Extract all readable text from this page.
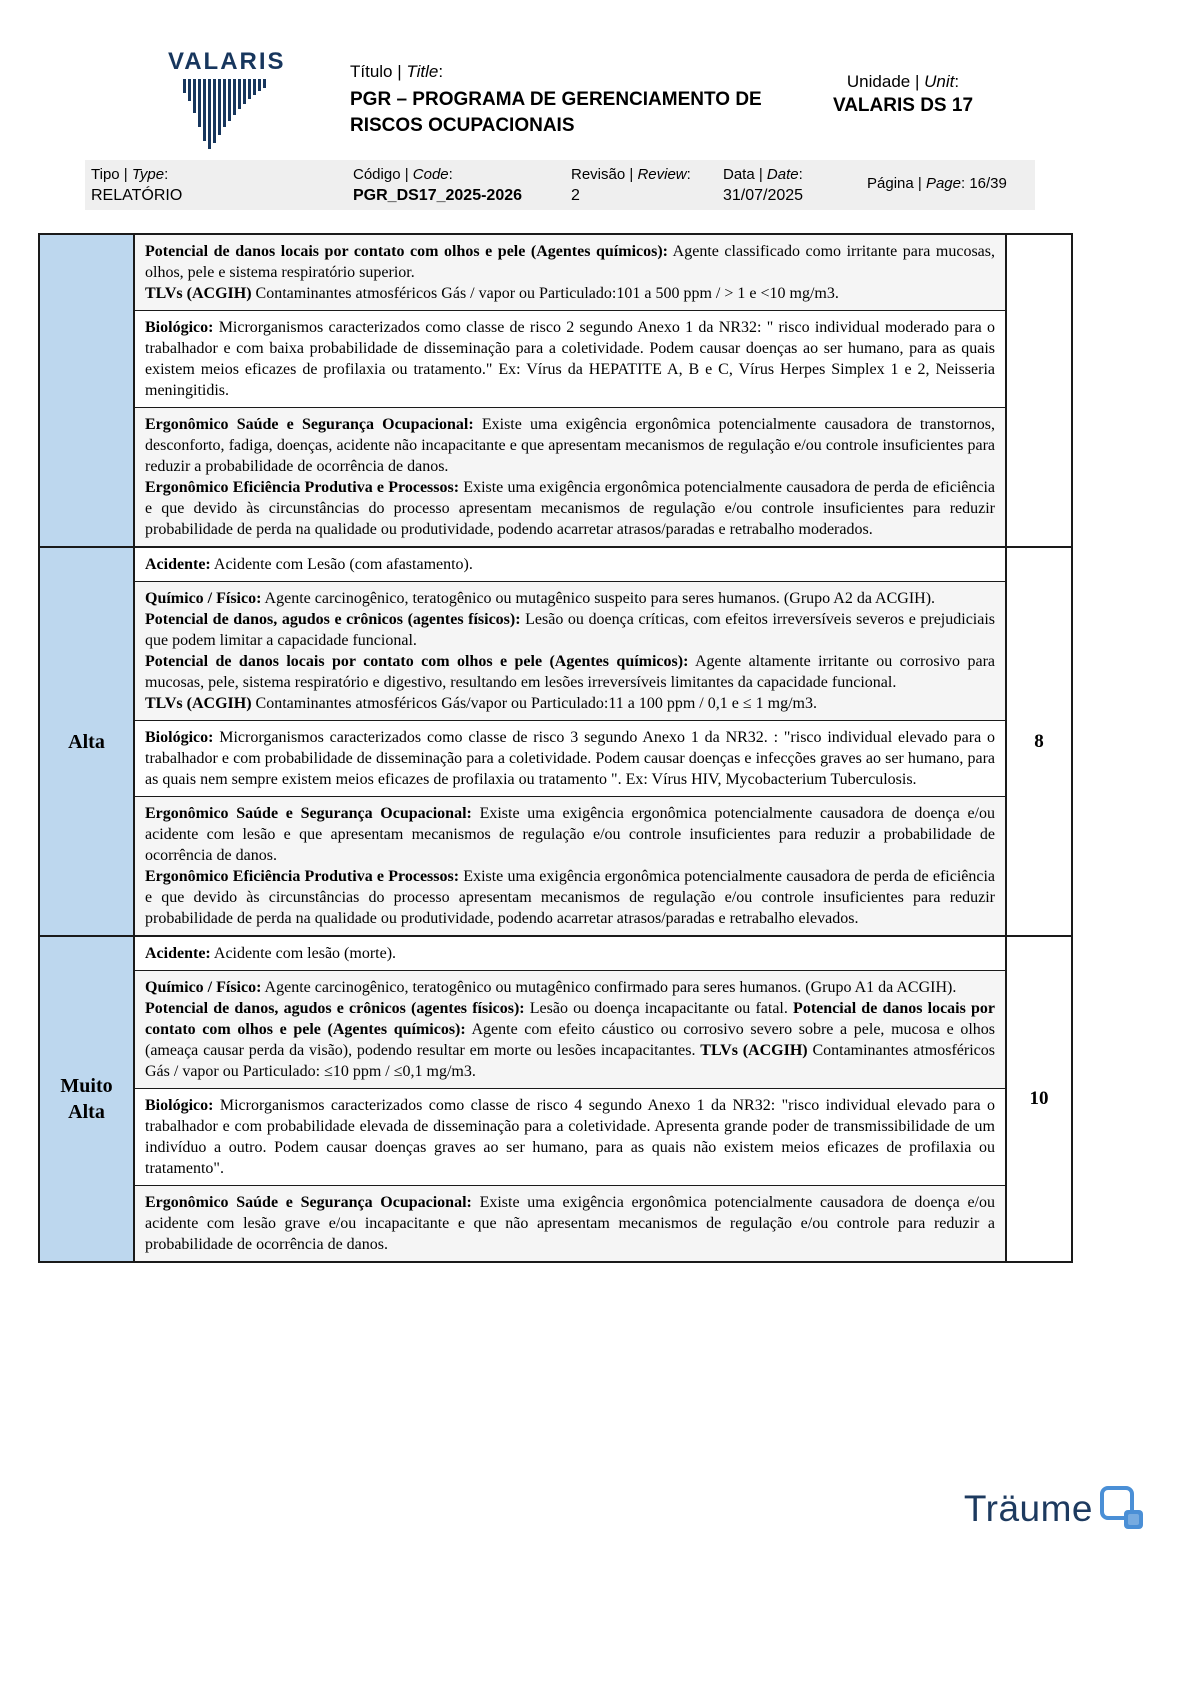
VALARIS	Título | Title:
PGR – PROGRAMA DE GERENCIAMENTO DE
RISCOS OCUPACIONAIS
Unidade | Unit:
VALARIS DS 17
Tipo | Type:
RELATÓRIO
Código | Code:
PGR_DS17_2025-2026
Revisão | Review:
2
Data | Date:
31/07/2025
Página | Page: 16/39
Potencial de danos locais por contato com olhos e pele (Agentes químicos): Agente classificado como irritante para mucosas, olhos, pele e sistema respiratório superior.
TLVs (ACGIH) Contaminantes atmosféricos Gás / vapor ou Particulado:101 a 500 ppm / > 1 e <10 mg/m3.
Biológico: Microrganismos caracterizados como classe de risco 2 segundo Anexo 1 da NR32: " risco individual moderado para o trabalhador e com baixa probabilidade de disseminação para a coletividade. Podem causar doenças ao ser humano, para as quais existem meios eficazes de profilaxia ou tratamento." Ex: Vírus da HEPATITE A, B e C, Vírus Herpes Simplex 1 e 2, Neisseria meningitidis.
Ergonômico Saúde e Segurança Ocupacional: Existe uma exigência ergonômica potencialmente causadora de transtornos, desconforto, fadiga, doenças, acidente não incapacitante e que apresentam mecanismos de regulação e/ou controle insuficientes para reduzir a probabilidade de ocorrência de danos.
Ergonômico Eficiência Produtiva e Processos: Existe uma exigência ergonômica potencialmente causadora de perda de eficiência e que devido às circunstâncias do processo apresentam mecanismos de regulação e/ou controle insuficientes para reduzir probabilidade de perda na qualidade ou produtividade, podendo acarretar atrasos/paradas e retrabalho moderados.
Alta
Acidente: Acidente com Lesão (com afastamento).
Químico / Físico: Agente carcinogênico, teratogênico ou mutagênico suspeito para seres humanos. (Grupo A2 da ACGIH).
Potencial de danos, agudos e crônicos (agentes físicos): Lesão ou doença críticas, com efeitos irreversíveis severos e prejudiciais que podem limitar a capacidade funcional.
Potencial de danos locais por contato com olhos e pele (Agentes químicos): Agente altamente irritante ou corrosivo para mucosas, pele, sistema respiratório e digestivo, resultando em lesões irreversíveis limitantes da capacidade funcional.
TLVs (ACGIH) Contaminantes atmosféricos Gás/vapor ou Particulado:11 a 100 ppm / 0,1 e ≤ 1 mg/m3.
Biológico: Microrganismos caracterizados como classe de risco 3 segundo Anexo 1 da NR32. : "risco individual elevado para o trabalhador e com probabilidade de disseminação para a coletividade. Podem causar doenças e infecções graves ao ser humano, para as quais nem sempre existem meios eficazes de profilaxia ou tratamento ". Ex: Vírus HIV, Mycobacterium Tuberculosis.
Ergonômico Saúde e Segurança Ocupacional: Existe uma exigência ergonômica potencialmente causadora de doença e/ou acidente com lesão e que apresentam mecanismos de regulação e/ou controle insuficientes para reduzir a probabilidade de ocorrência de danos.
Ergonômico Eficiência Produtiva e Processos: Existe uma exigência ergonômica potencialmente causadora de perda de eficiência e que devido às circunstâncias do processo apresentam mecanismos de regulação e/ou controle insuficientes para reduzir probabilidade de perda na qualidade ou produtividade, podendo acarretar atrasos/paradas e retrabalho elevados.
8
Muito Alta
Acidente: Acidente com lesão (morte).
Químico / Físico: Agente carcinogênico, teratogênico ou mutagênico confirmado para seres humanos. (Grupo A1 da ACGIH).
Potencial de danos, agudos e crônicos (agentes físicos): Lesão ou doença incapacitante ou fatal. Potencial de danos locais por contato com olhos e pele (Agentes químicos): Agente com efeito cáustico ou corrosivo severo sobre a pele, mucosa e olhos (ameaça causar perda da visão), podendo resultar em morte ou lesões incapacitantes. TLVs (ACGIH) Contaminantes atmosféricos Gás / vapor ou Particulado: ≤10 ppm / ≤0,1 mg/m3.
Biológico: Microrganismos caracterizados como classe de risco 4 segundo Anexo 1 da NR32: "risco individual elevado para o trabalhador e com probabilidade elevada de disseminação para a coletividade. Apresenta grande poder de transmissibilidade de um indivíduo a outro. Podem causar doenças graves ao ser humano, para as quais não existem meios eficazes de profilaxia ou tratamento".
Ergonômico Saúde e Segurança Ocupacional: Existe uma exigência ergonômica potencialmente causadora de doença e/ou acidente com lesão grave e/ou incapacitante e que não apresentam mecanismos de regulação e/ou controle para reduzir a probabilidade de ocorrência de danos.
10
Träume
